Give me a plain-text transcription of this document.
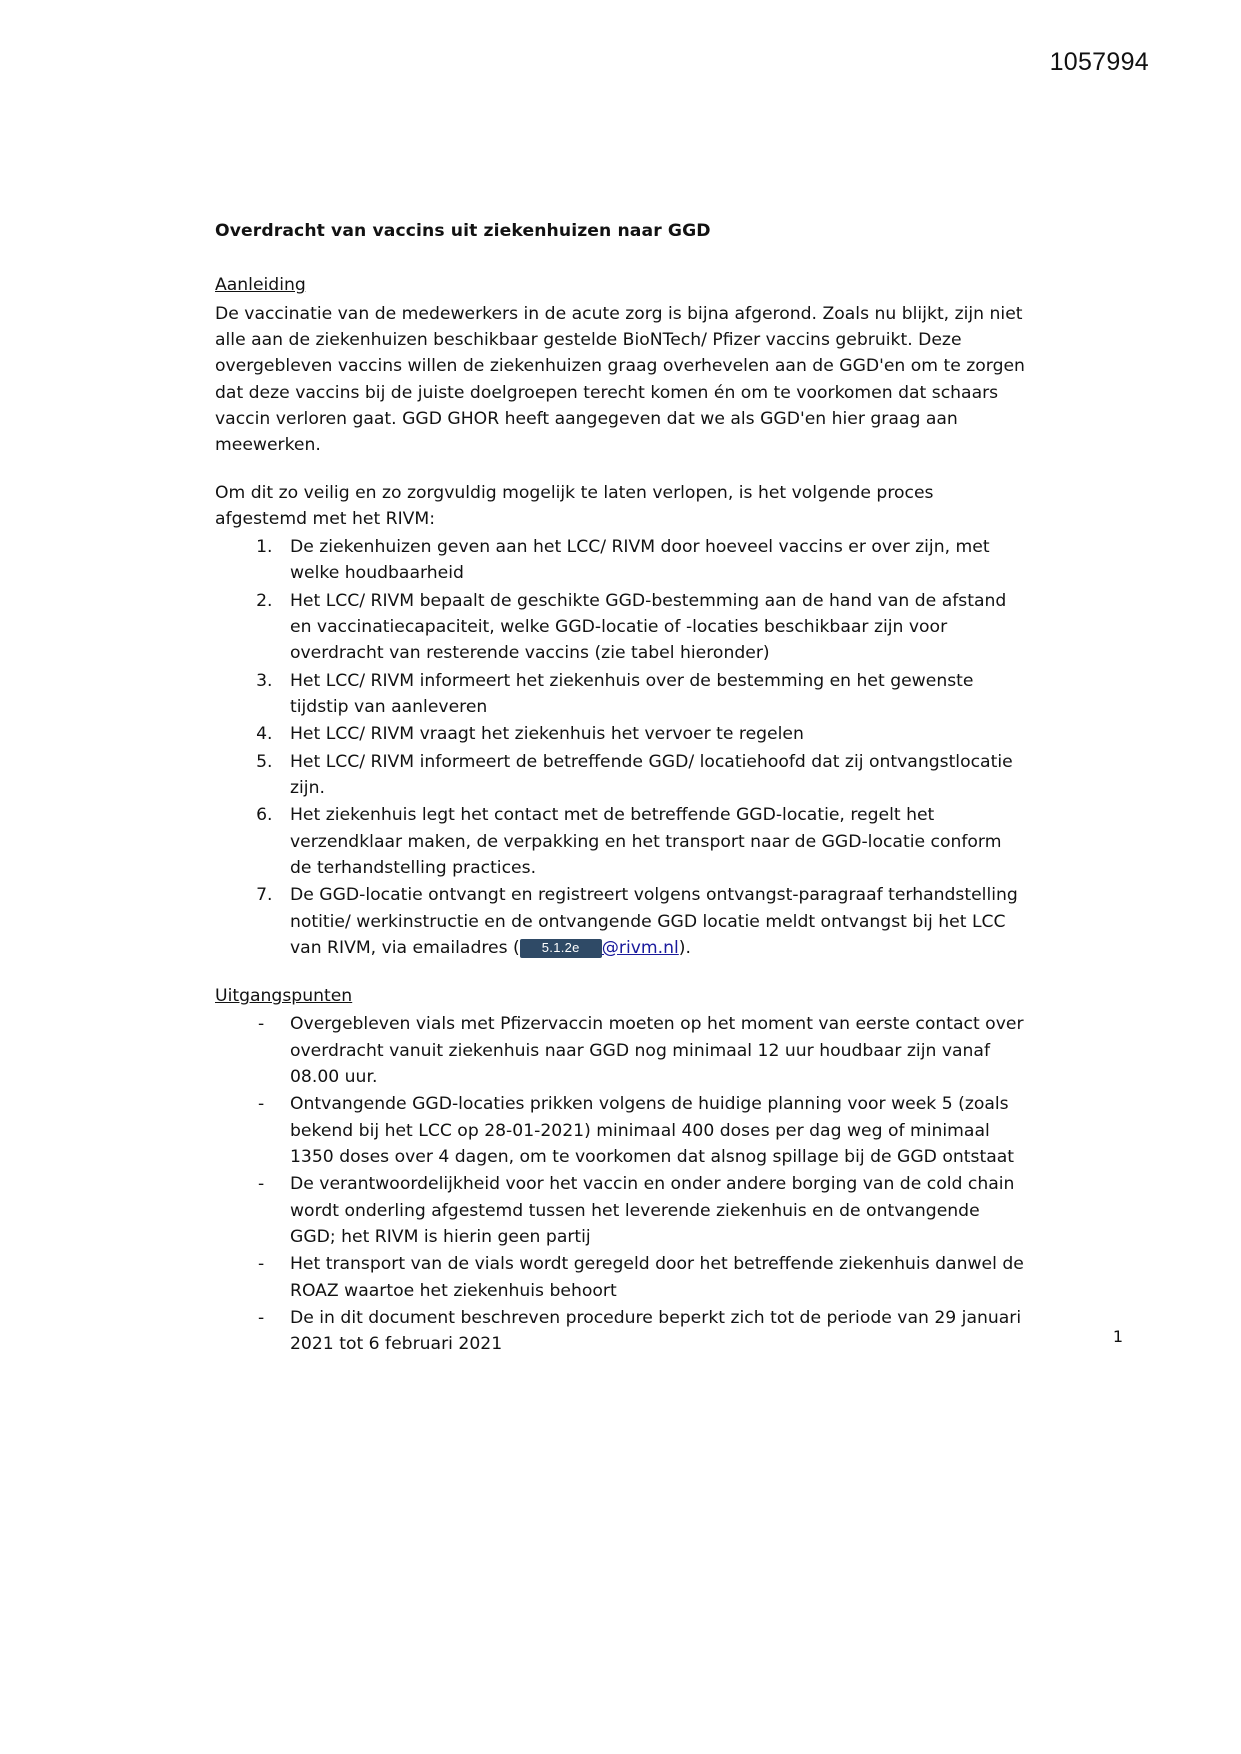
1057994
Overdracht van vaccins uit ziekenhuizen naar GGD
Aanleiding

De vaccinatie van de medewerkers in de acute zorg is bijna afgerond. Zoals nu blijkt, zijn niet alle aan de ziekenhuizen beschikbaar gestelde BioNTech/ Pfizer vaccins gebruikt. Deze overgebleven vaccins willen de ziekenhuizen graag overhevelen aan de GGD'en om te zorgen dat deze vaccins bij de juiste doelgroepen terecht komen én om te voorkomen dat schaars vaccin verloren gaat. GGD GHOR heeft aangegeven dat we als GGD'en hier graag aan meewerken.

Om dit zo veilig en zo zorgvuldig mogelijk te laten verlopen, is het volgende proces afgestemd met het RIVM:

1. De ziekenhuizen geven aan het LCC/ RIVM door hoeveel vaccins er over zijn, met welke houdbaarheid
2. Het LCC/ RIVM bepaalt de geschikte GGD-bestemming aan de hand van de afstand en vaccinatiecapaciteit, welke GGD-locatie of -locaties beschikbaar zijn voor overdracht van resterende vaccins (zie tabel hieronder)
3. Het LCC/ RIVM informeert het ziekenhuis over de bestemming en het gewenste tijdstip van aanleveren
4. Het LCC/ RIVM vraagt het ziekenhuis het vervoer te regelen
5. Het LCC/ RIVM informeert de betreffende GGD/ locatiehoofd dat zij ontvangstlocatie zijn.
6. Het ziekenhuis legt het contact met de betreffende GGD-locatie, regelt het verzendklaar maken, de verpakking en het transport naar de GGD-locatie conform de terhandstelling practices.
7. De GGD-locatie ontvangt en registreert volgens ontvangst-paragraaf terhandstelling notitie/ werkinstructie en de ontvangende GGD locatie meldt ontvangst bij het LCC van RIVM, via emailadres ( 5.1.2e @rivm.nl).
Uitgangspunten
- Overgebleven vials met Pfizervaccin moeten op het moment van eerste contact over overdracht vanuit ziekenhuis naar GGD nog minimaal 12 uur houdbaar zijn vanaf 08.00 uur.
- Ontvangende GGD-locaties prikken volgens de huidige planning voor week 5 (zoals bekend bij het LCC op 28-01-2021) minimaal 400 doses per dag weg of minimaal 1350 doses over 4 dagen, om te voorkomen dat alsnog spillage bij de GGD ontstaat
- De verantwoordelijkheid voor het vaccin en onder andere borging van de cold chain wordt onderling afgestemd tussen het leverende ziekenhuis en de ontvangende GGD; het RIVM is hierin geen partij
- Het transport van de vials wordt geregeld door het betreffende ziekenhuis danwel de ROAZ waartoe het ziekenhuis behoort
- De in dit document beschreven procedure beperkt zich tot de periode van 29 januari 2021 tot 6 februari 2021	1
